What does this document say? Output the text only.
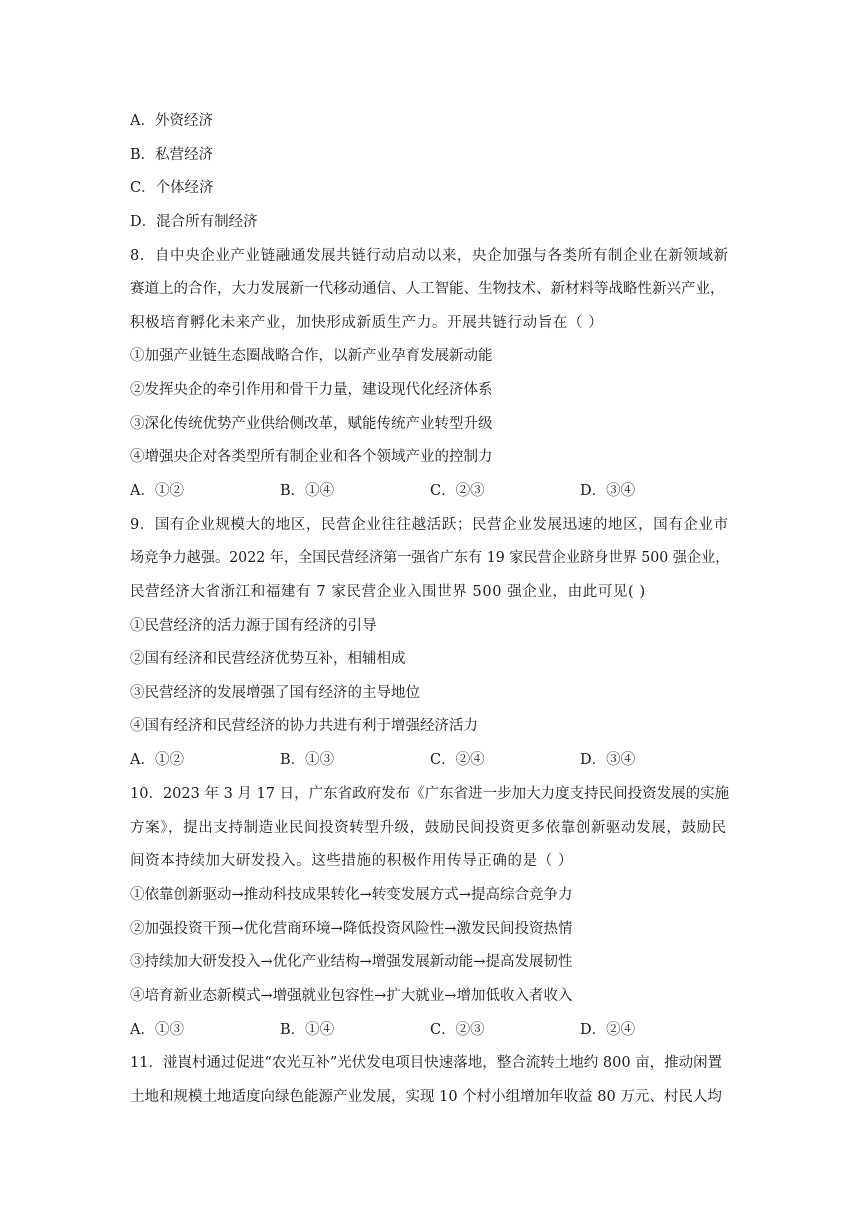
A．外资经济
B．私营经济
C．个体经济
D．混合所有制经济
8．自中央企业产业链融通发展共链行动启动以来，央企加强与各类所有制企业在新领域新
赛道上的合作，大力发展新一代移动通信、人工智能、生物技术、新材料等战略性新兴产业，
积极培育孵化未来产业，加快形成新质生产力。开展共链行动旨在（ ）
①加强产业链生态圈战略合作，以新产业孕育发展新动能
②发挥央企的牵引作用和骨干力量，建设现代化经济体系
③深化传统优势产业供给侧改革，赋能传统产业转型升级
④增强央企对各类型所有制企业和各个领域产业的控制力
A．①②	B．①④	C．②③	D．③④
9．国有企业规模大的地区，民营企业往往越活跃；民营企业发展迅速的地区，国有企业市
场竞争力越强。2022 年，全国民营经济第一强省广东有 19 家民营企业跻身世界 500 强企业，
民营经济大省浙江和福建有 7 家民营企业入围世界 500 强企业，由此可见( )
①民营经济的活力源于国有经济的引导
②国有经济和民营经济优势互补，相辅相成
③民营经济的发展增强了国有经济的主导地位
④国有经济和民营经济的协力共进有利于增强经济活力
A．①②	B．①③	C．②④	D．③④
10．2023 年 3 月 17 日，广东省政府发布《广东省进一步加大力度支持民间投资发展的实施
方案》，提出支持制造业民间投资转型升级，鼓励民间投资更多依靠创新驱动发展，鼓励民
间资本持续加大研发投入。这些措施的积极作用传导正确的是（ ）
①依靠创新驱动→推动科技成果转化→转变发展方式→提高综合竞争力
②加强投资干预→优化营商环境→降低投资风险性→激发民间投资热情
③持续加大研发投入→优化产业结构→增强发展新动能→提高发展韧性
④培育新业态新模式→增强就业包容性→扩大就业→增加低收入者收入
A．①③	B．①④	C．②③	D．②④
11．湴崀村通过促进“农光互补”光伏发电项目快速落地，整合流转土地约 800 亩，推动闲置
土地和规模土地适度向绿色能源产业发展，实现 10 个村小组增加年收益 80 万元、村民人均
